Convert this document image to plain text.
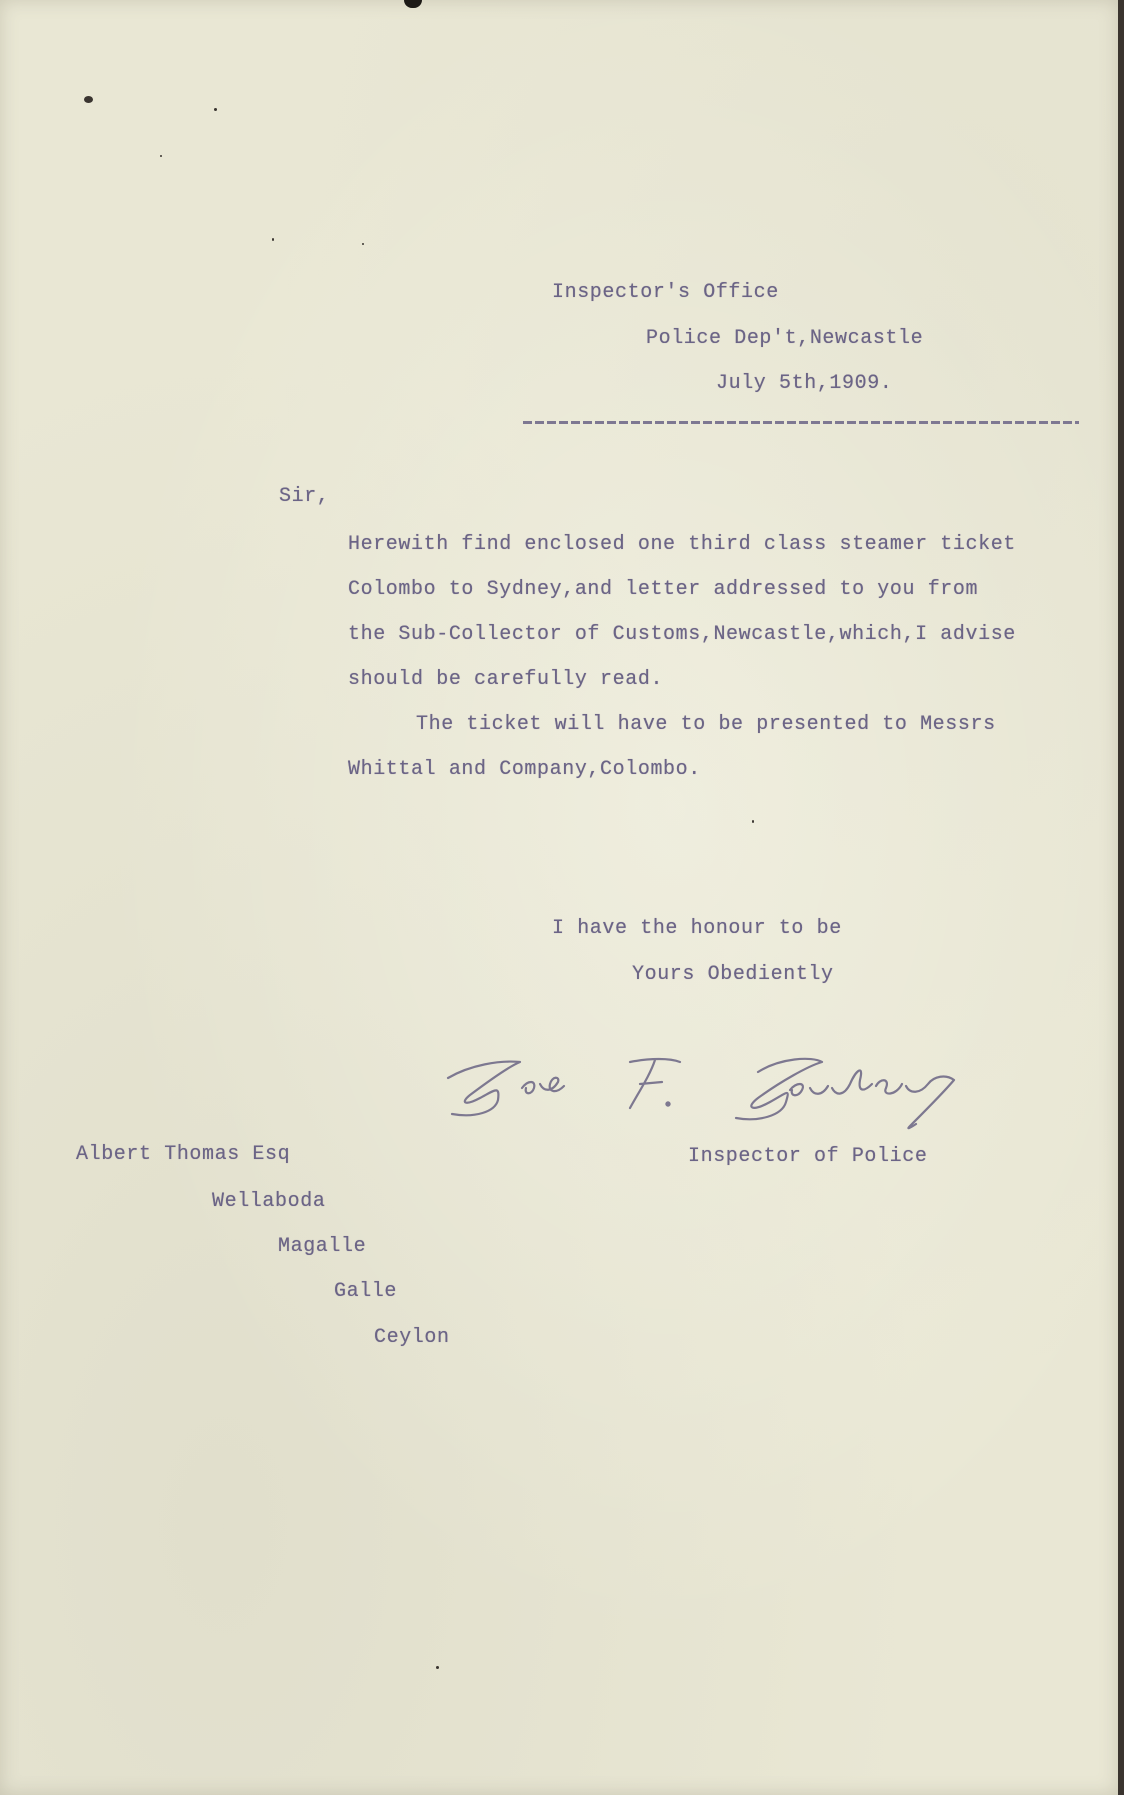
Inspector's Office
Police Dep't,Newcastle
July 5th,1909.
Sir,
Herewith find enclosed one third class steamer ticket
Colombo to Sydney,and letter addressed to you from
the Sub-Collector of Customs,Newcastle,which,I advise
should be carefully read.
The ticket will have to be presented to Messrs
Whittal and Company,Colombo.
I have the honour to be
Yours Obediently
Inspector of Police
Albert Thomas Esq
Wellaboda
Magalle
Galle
Ceylon
